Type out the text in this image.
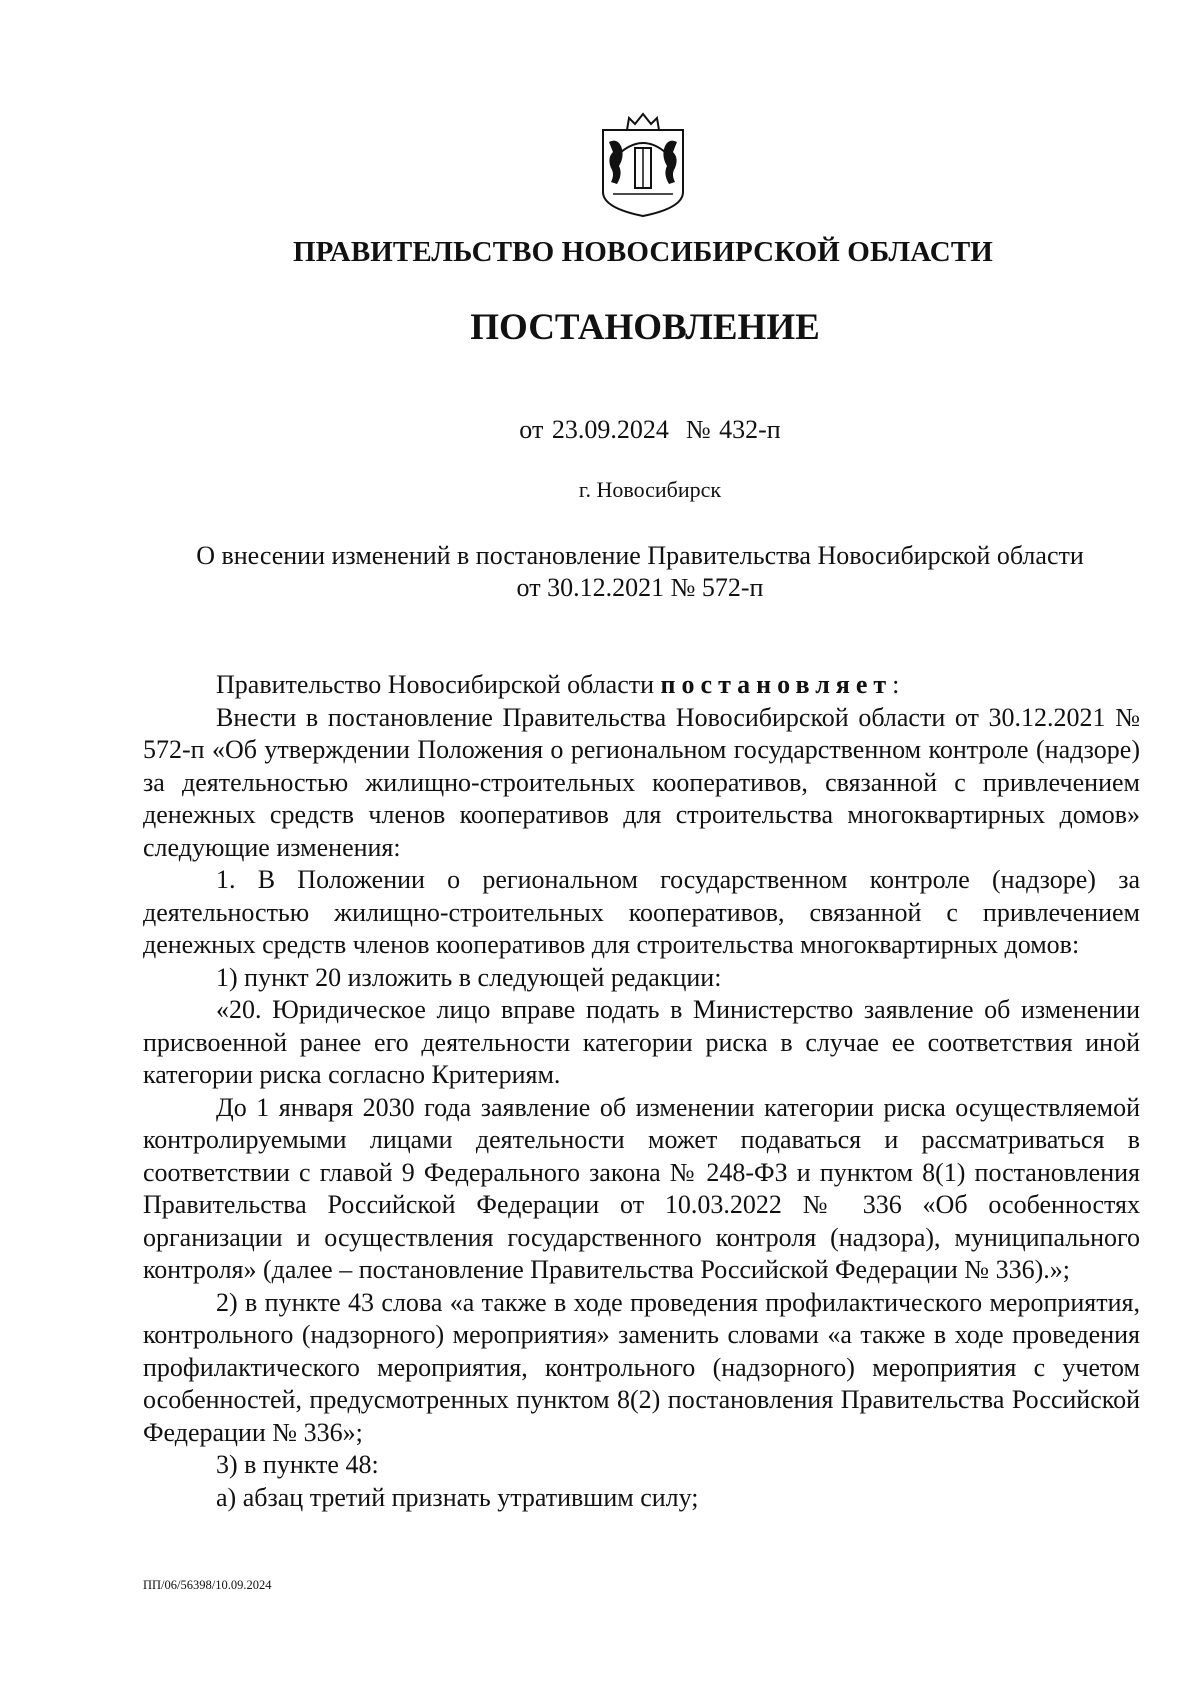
ПРАВИТЕЛЬСТВО НОВОСИБИРСКОЙ ОБЛАСТИ
ПОСТАНОВЛЕНИЕ
от 23.09.2024  № 432-п
г. Новосибирск
О внесении изменений в постановление Правительства Новосибирской области
от 30.12.2021 № 572-п

Правительство Новосибирской области постановляет:

Внести в постановление Правительства Новосибирской области от 30.12.2021 № 572-п «Об утверждении Положения о региональном государственном контроле (надзоре) за деятельностью жилищно-строительных кооперативов, связанной с привлечением денежных средств членов кооперативов для строительства многоквартирных домов» следующие изменения:

1. В Положении о региональном государственном контроле (надзоре) за деятельностью жилищно-строительных кооперативов, связанной с привлечением денежных средств членов кооперативов для строительства многоквартирных домов:

1) пункт 20 изложить в следующей редакции:

«20. Юридическое лицо вправе подать в Министерство заявление об изменении присвоенной ранее его деятельности категории риска в случае ее соответствия иной категории риска согласно Критериям.

До 1 января 2030 года заявление об изменении категории риска осуществляемой контролируемыми лицами деятельности может подаваться и рассматриваться в соответствии с главой 9 Федерального закона № 248-ФЗ и пунктом 8(1) постановления Правительства Российской Федерации от 10.03.2022 № 336 «Об особенностях организации и осуществления государственного контроля (надзора), муниципального контроля» (далее – постановление Правительства Российской Федерации № 336).»;

2) в пункте 43 слова «а также в ходе проведения профилактического мероприятия, контрольного (надзорного) мероприятия» заменить словами «а также в ходе проведения профилактического мероприятия, контрольного (надзорного) мероприятия с учетом особенностей, предусмотренных пунктом 8(2) постановления Правительства Российской Федерации № 336»;

3) в пункте 48:

а) абзац третий признать утратившим силу;

ПП/06/56398/10.09.2024
